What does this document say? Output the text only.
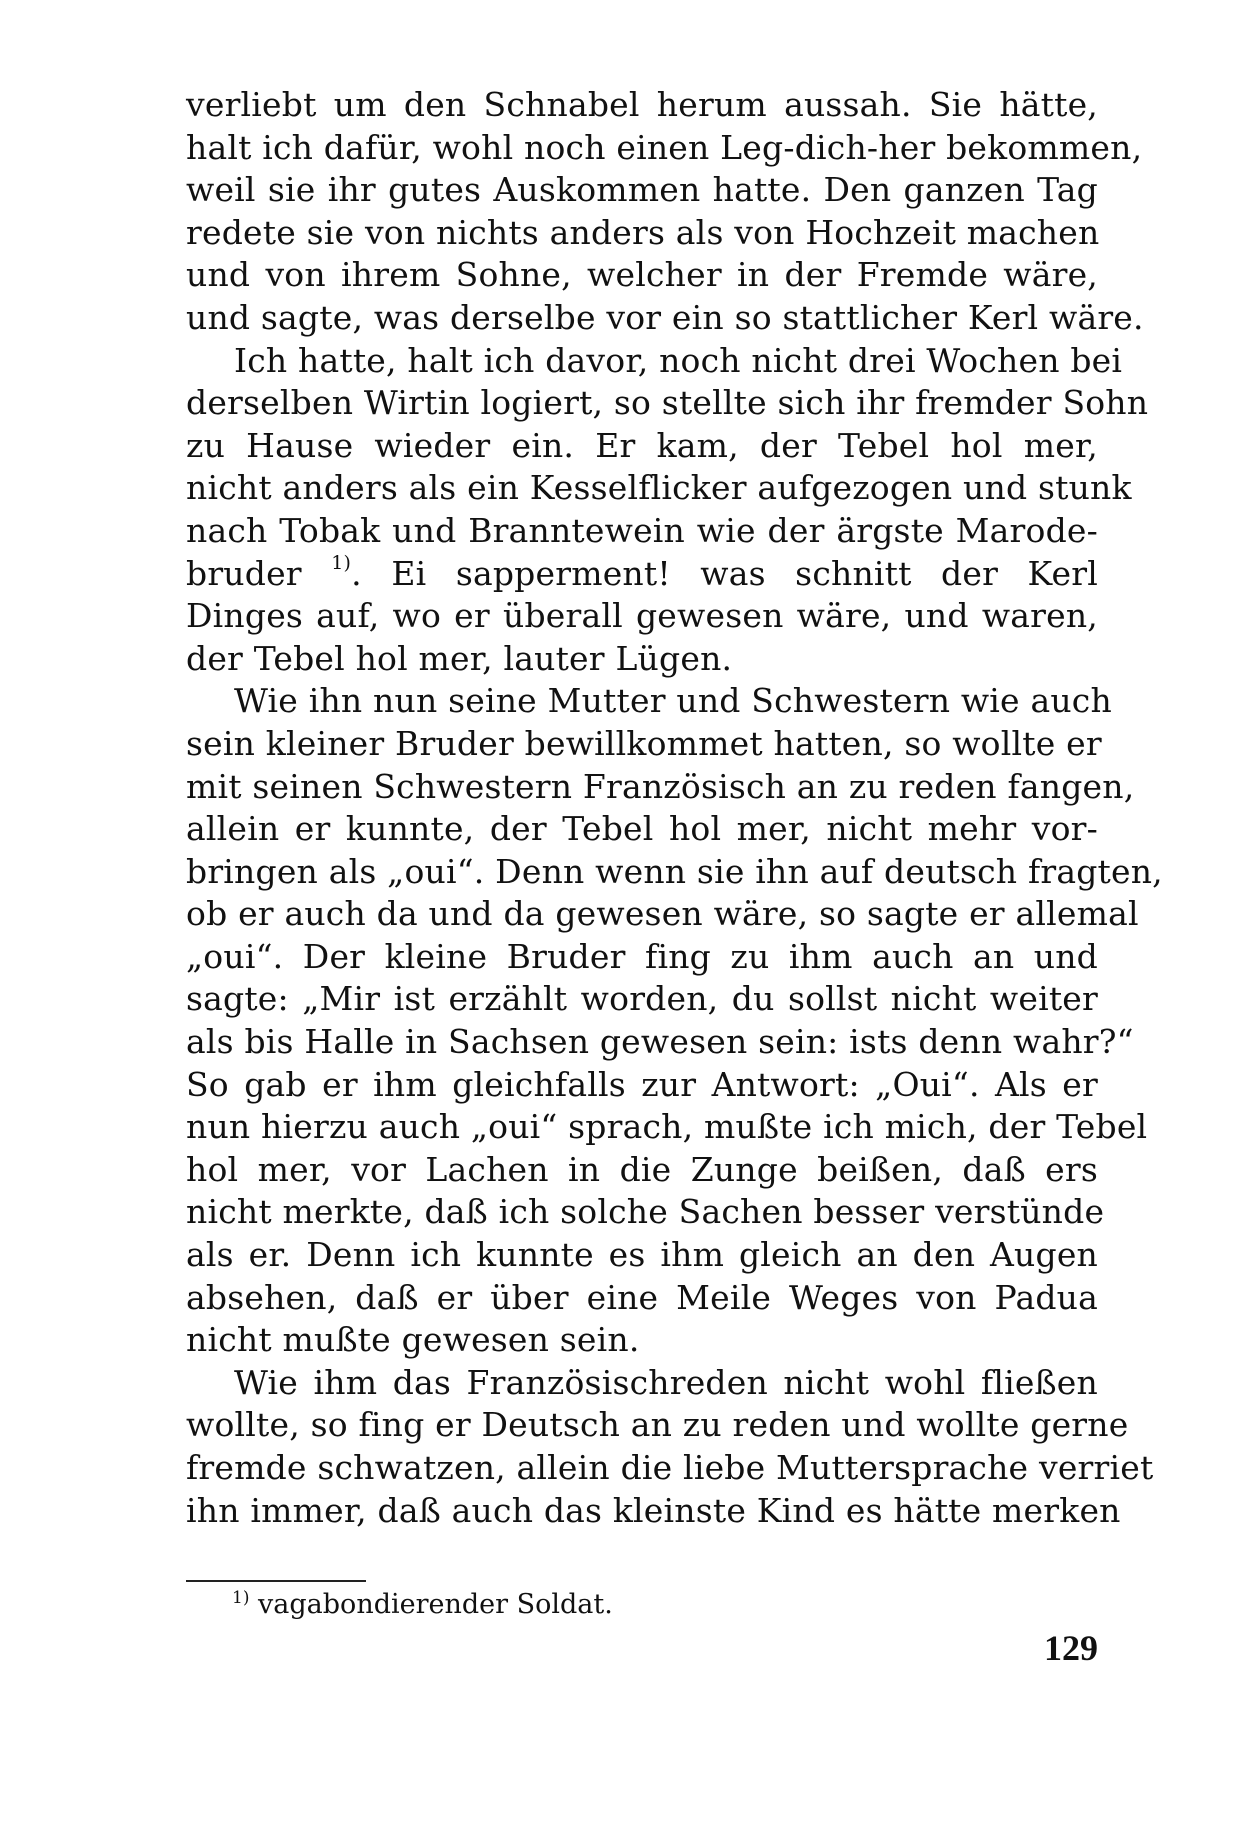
verliebt um den Schnabel herum aussah. Sie hätte,
halt ich dafür, wohl noch einen Leg-dich-her bekommen,
weil sie ihr gutes Auskommen hatte. Den ganzen Tag
redete sie von nichts anders als von Hochzeit machen
und von ihrem Sohne, welcher in der Fremde wäre,
und sagte, was derselbe vor ein so stattlicher Kerl wäre.
Ich hatte, halt ich davor, noch nicht drei Wochen bei
derselben Wirtin logiert, so stellte sich ihr fremder Sohn
zu Hause wieder ein. Er kam, der Tebel hol mer,
nicht anders als ein Kesselflicker aufgezogen und stunk
nach Tobak und Branntewein wie der ärgste Marode-
bruder $^{1)}$. Ei sapperment! was schnitt der Kerl
Dinges auf, wo er überall gewesen wäre, und waren,
der Tebel hol mer, lauter Lügen.
Wie ihn nun seine Mutter und Schwestern wie auch
sein kleiner Bruder bewillkommet hatten, so wollte er
mit seinen Schwestern Französisch an zu reden fangen,
allein er kunnte, der Tebel hol mer, nicht mehr vor-
bringen als „oui“. Denn wenn sie ihn auf deutsch fragten,
ob er auch da und da gewesen wäre, so sagte er allemal
„oui“. Der kleine Bruder fing zu ihm auch an und
sagte: „Mir ist erzählt worden, du sollst nicht weiter
als bis Halle in Sachsen gewesen sein: ists denn wahr?“
So gab er ihm gleichfalls zur Antwort: „Oui“. Als er
nun hierzu auch „oui“ sprach, mußte ich mich, der Tebel
hol mer, vor Lachen in die Zunge beißen, daß ers
nicht merkte, daß ich solche Sachen besser verstünde
als er. Denn ich kunnte es ihm gleich an den Augen
absehen, daß er über eine Meile Weges von Padua
nicht mußte gewesen sein.
Wie ihm das Französischreden nicht wohl fließen
wollte, so fing er Deutsch an zu reden und wollte gerne
fremde schwatzen, allein die liebe Muttersprache verriet
ihn immer, daß auch das kleinste Kind es hätte merken
$^{1)}$ vagabondierender Soldat.
129
